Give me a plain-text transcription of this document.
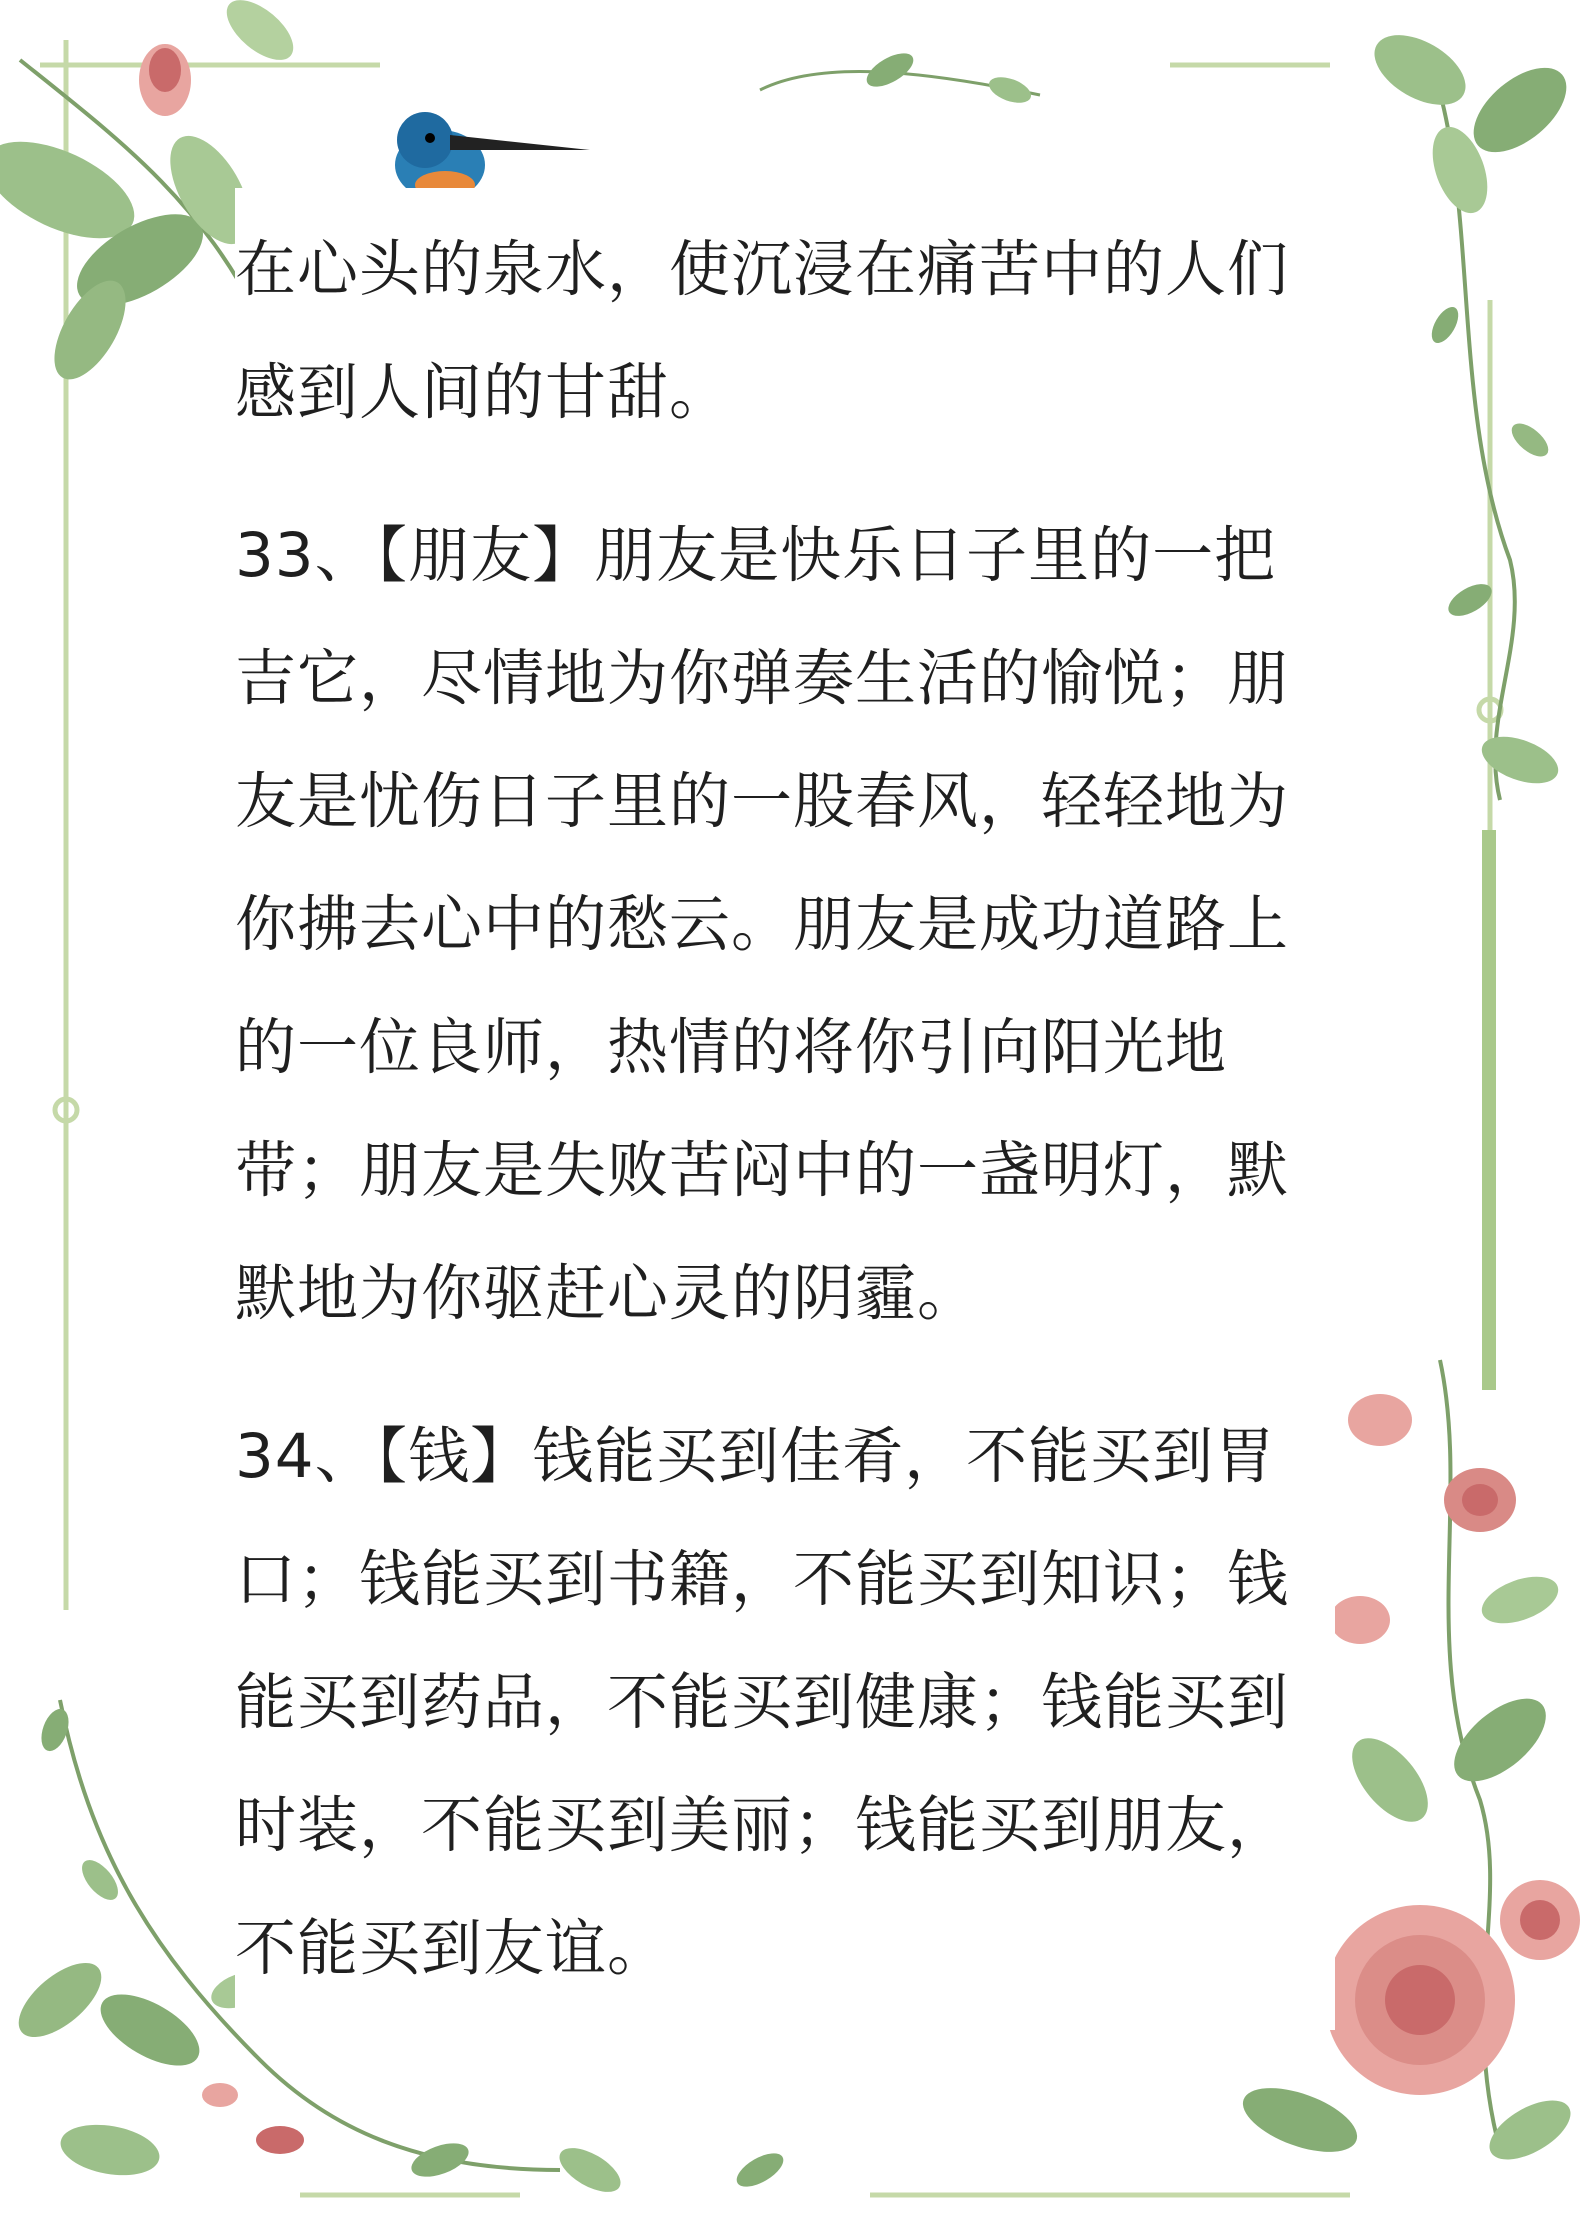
在心头的泉水，使沉浸在痛苦中的人们感到人间的甘甜。

33、【朋友】朋友是快乐日子里的一把吉它，尽情地为你弹奏生活的愉悦；朋友是忧伤日子里的一股春风，轻轻地为你拂去心中的愁云。朋友是成功道路上的一位良师，热情的将你引向阳光地带；朋友是失败苦闷中的一盏明灯，默默地为你驱赶心灵的阴霾。

34、【钱】钱能买到佳肴，不能买到胃口；钱能买到书籍，不能买到知识；钱能买到药品，不能买到健康；钱能买到时装，不能买到美丽；钱能买到朋友，不能买到友谊。
